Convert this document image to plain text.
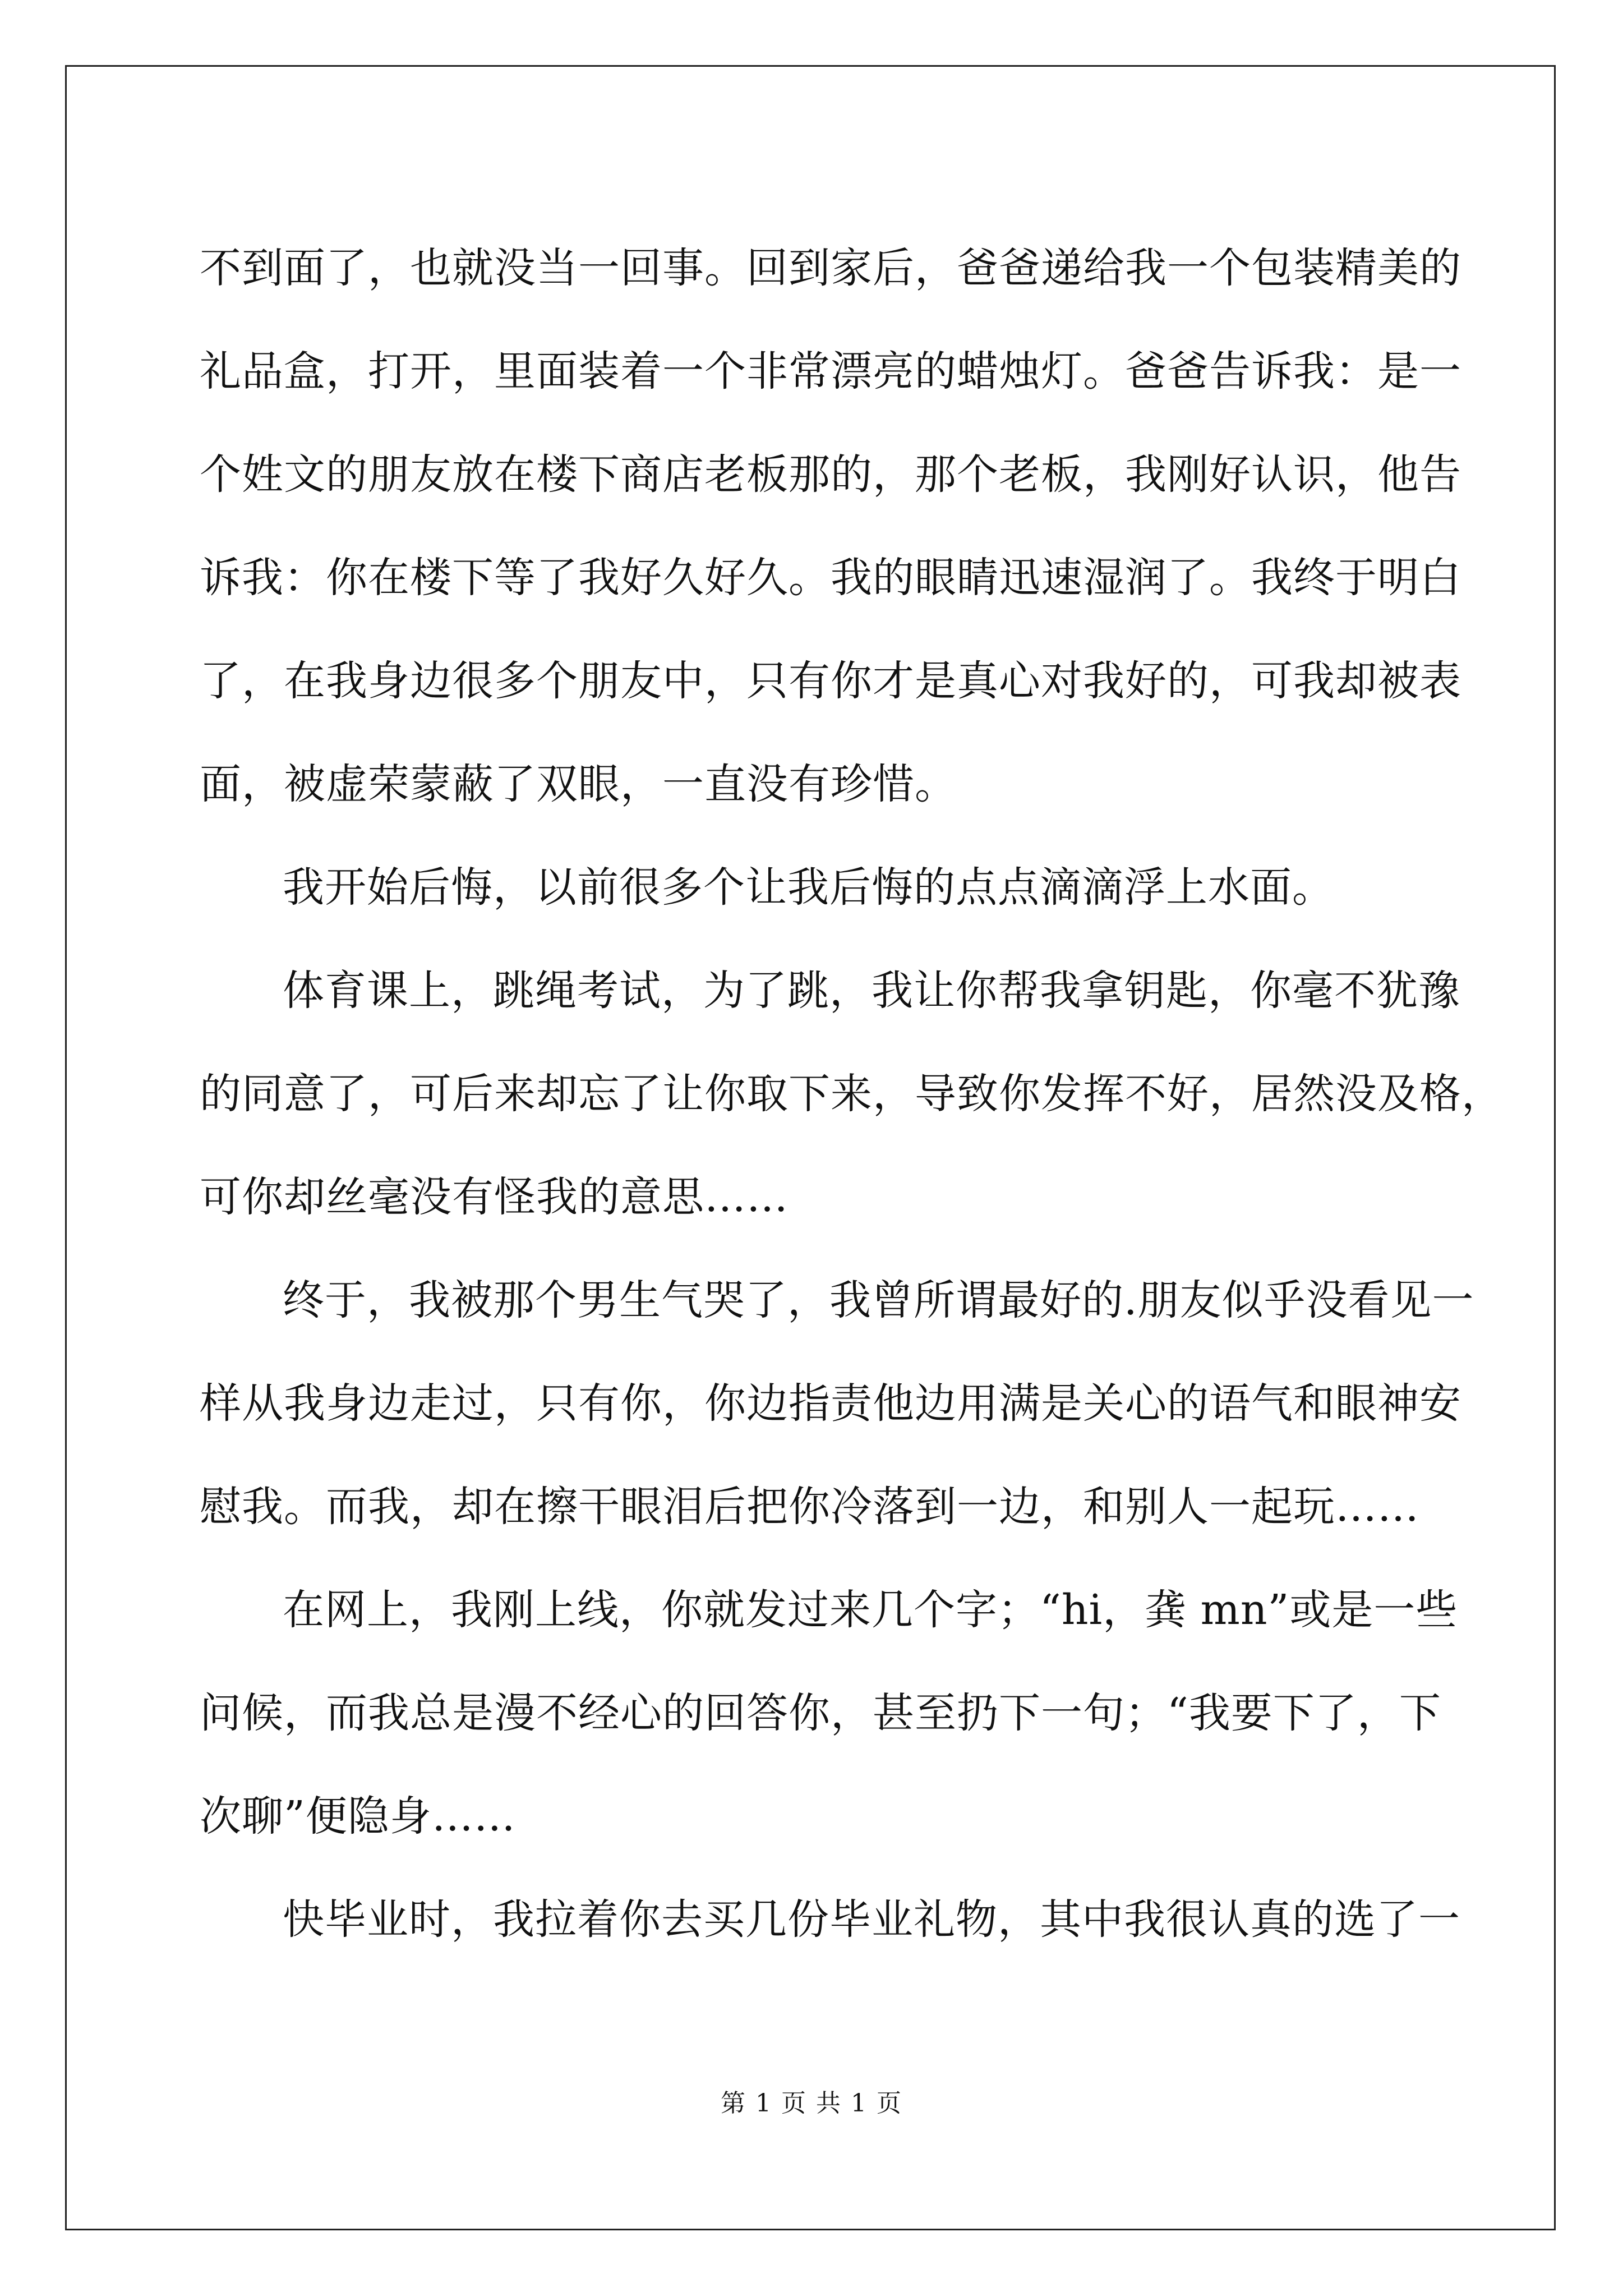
不到面了，也就没当一回事。回到家后，爸爸递给我一个包装精美的
礼品盒，打开，里面装着一个非常漂亮的蜡烛灯。爸爸告诉我：是一
个姓文的朋友放在楼下商店老板那的，那个老板，我刚好认识，他告
诉我：你在楼下等了我好久好久。我的眼睛迅速湿润了。我终于明白
了，在我身边很多个朋友中，只有你才是真心对我好的，可我却被表
面，被虚荣蒙蔽了双眼，一直没有珍惜。
我开始后悔，以前很多个让我后悔的点点滴滴浮上水面。
体育课上，跳绳考试，为了跳，我让你帮我拿钥匙，你毫不犹豫
的同意了，可后来却忘了让你取下来，导致你发挥不好，居然没及格，
可你却丝毫没有怪我的意思……
终于，我被那个男生气哭了，我曾所谓最好的.朋友似乎没看见一
样从我身边走过，只有你，你边指责他边用满是关心的语气和眼神安
慰我。而我，却在擦干眼泪后把你冷落到一边，和别人一起玩……
在网上，我刚上线，你就发过来几个字；“hi，龚 mn”或是一些
问候，而我总是漫不经心的回答你，甚至扔下一句；“我要下了，下
次聊”便隐身……
快毕业时，我拉着你去买几份毕业礼物，其中我很认真的选了一
第 1 页 共 1 页
